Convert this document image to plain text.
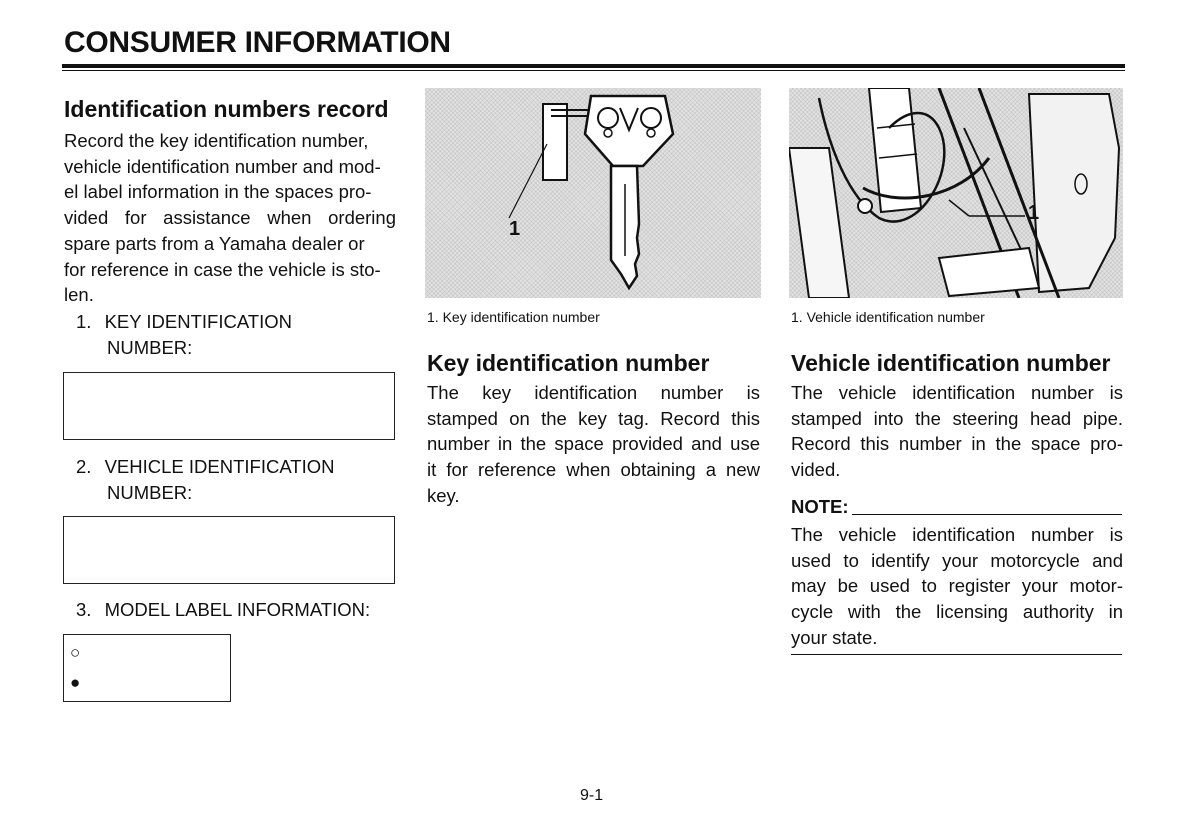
CONSUMER INFORMATION
Identification numbers record

Record the key identification number,

vehicle identification number and mod-

el label information in the spaces pro-

vided for assistance when ordering

spare parts from a Yamaha dealer or

for reference in case the vehicle is sto-

len.

1. KEY IDENTIFICATION
NUMBER:
2. VEHICLE IDENTIFICATION
NUMBER:
3. MODEL LABEL INFORMATION:
○
●
1
1. Key identification number
Key identification number

The key identification number is

stamped on the key tag. Record this

number in the space provided and use

it for reference when obtaining a new

key.

1
1. Vehicle identification number
Vehicle identification number

The vehicle identification number is

stamped into the steering head pipe.

Record this number in the space pro-

vided.

NOTE:

The vehicle identification number is

used to identify your motorcycle and

may be used to register your motor-

cycle with the licensing authority in

your state.

9-1
